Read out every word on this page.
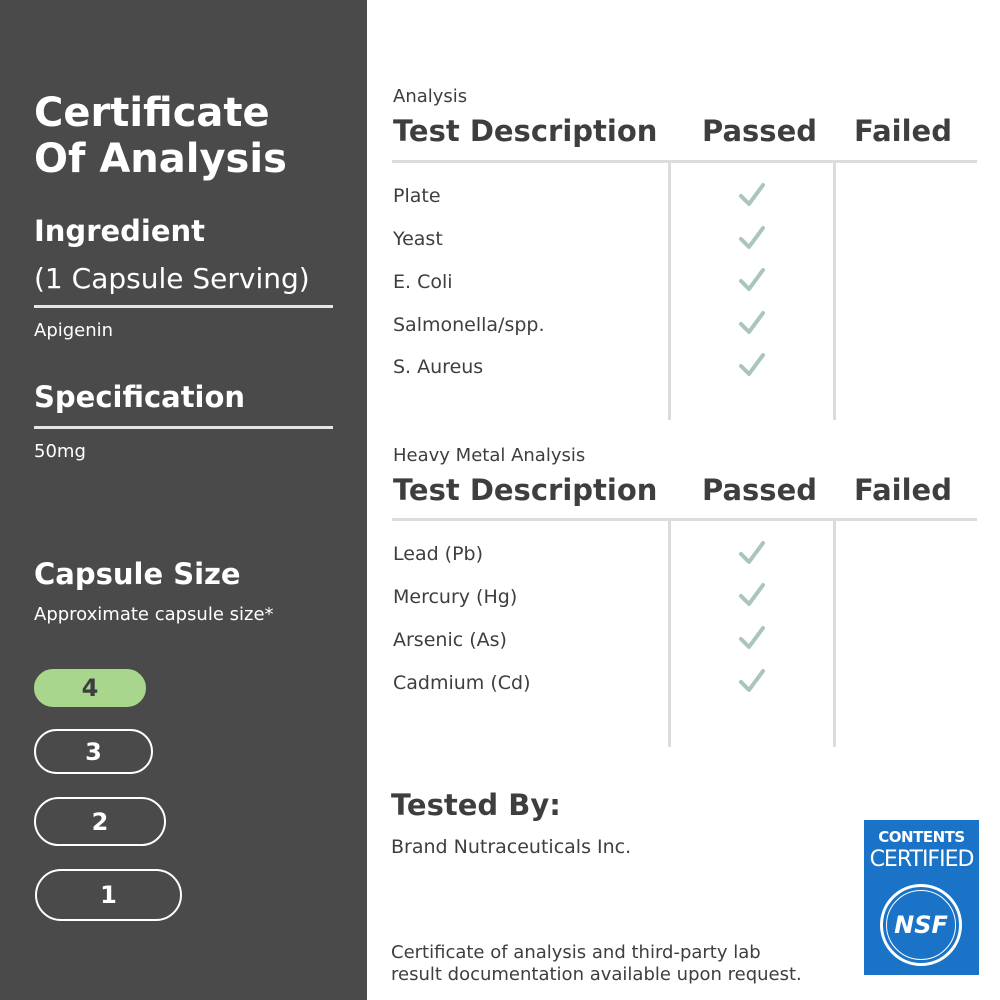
Certificate
Of Analysis
Ingredient
(1 Capsule Serving)
Apigenin
Specification
50mg
Capsule Size
Approximate capsule size*
4
3
2
1
Analysis
Test Description Passed Failed
Plate
Yeast
E. Coli
Salmonella/spp.
S. Aureus
Heavy Metal Analysis
Test Description Passed Failed
Lead (Pb)
Mercury (Hg)
Arsenic (As)
Cadmium (Cd)
Tested By:
Brand Nutraceuticals Inc.
Certificate of analysis and third-party lab
result documentation available upon request.
CONTENTS
CERTIFIED
NSF
